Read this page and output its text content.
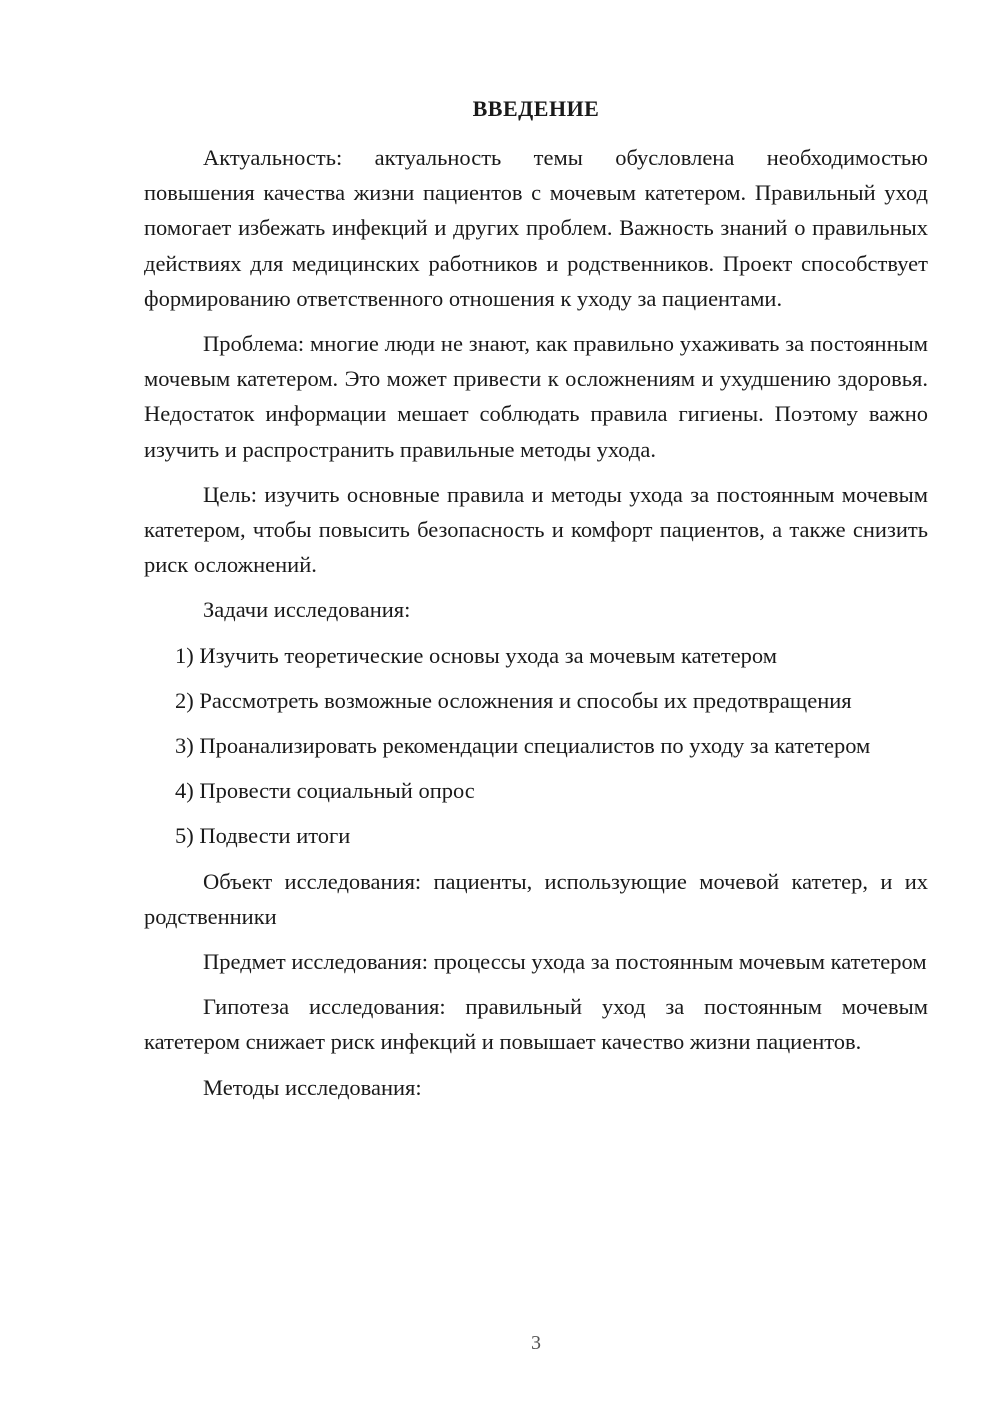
ВВЕДЕНИЕ

Актуальность: актуальность темы обусловлена необходимостью повышения качества жизни пациентов с мочевым катетером. Правильный уход помогает избежать инфекций и других проблем. Важность знаний о правильных действиях для медицинских работников и родственников. Проект способствует формированию ответственного отношения к уходу за пациентами.

Проблема: многие люди не знают, как правильно ухаживать за постоянным мочевым катетером. Это может привести к осложнениям и ухудшению здоровья. Недостаток информации мешает соблюдать правила гигиены. Поэтому важно изучить и распространить правильные методы ухода.

Цель: изучить основные правила и методы ухода за постоянным мочевым катетером, чтобы повысить безопасность и комфорт пациентов, а также снизить риск осложнений.

Задачи исследования:

1) Изучить теоретические основы ухода за мочевым катетером

2) Рассмотреть возможные осложнения и способы их предотвращения

3) Проанализировать рекомендации специалистов по уходу за катетером

4) Провести социальный опрос

5) Подвести итоги

Объект исследования: пациенты, использующие мочевой катетер, и их родственники

Предмет исследования: процессы ухода за постоянным мочевым катетером

Гипотеза исследования: правильный уход за постоянным мочевым катетером снижает риск инфекций и повышает качество жизни пациентов.

Методы исследования:

3
